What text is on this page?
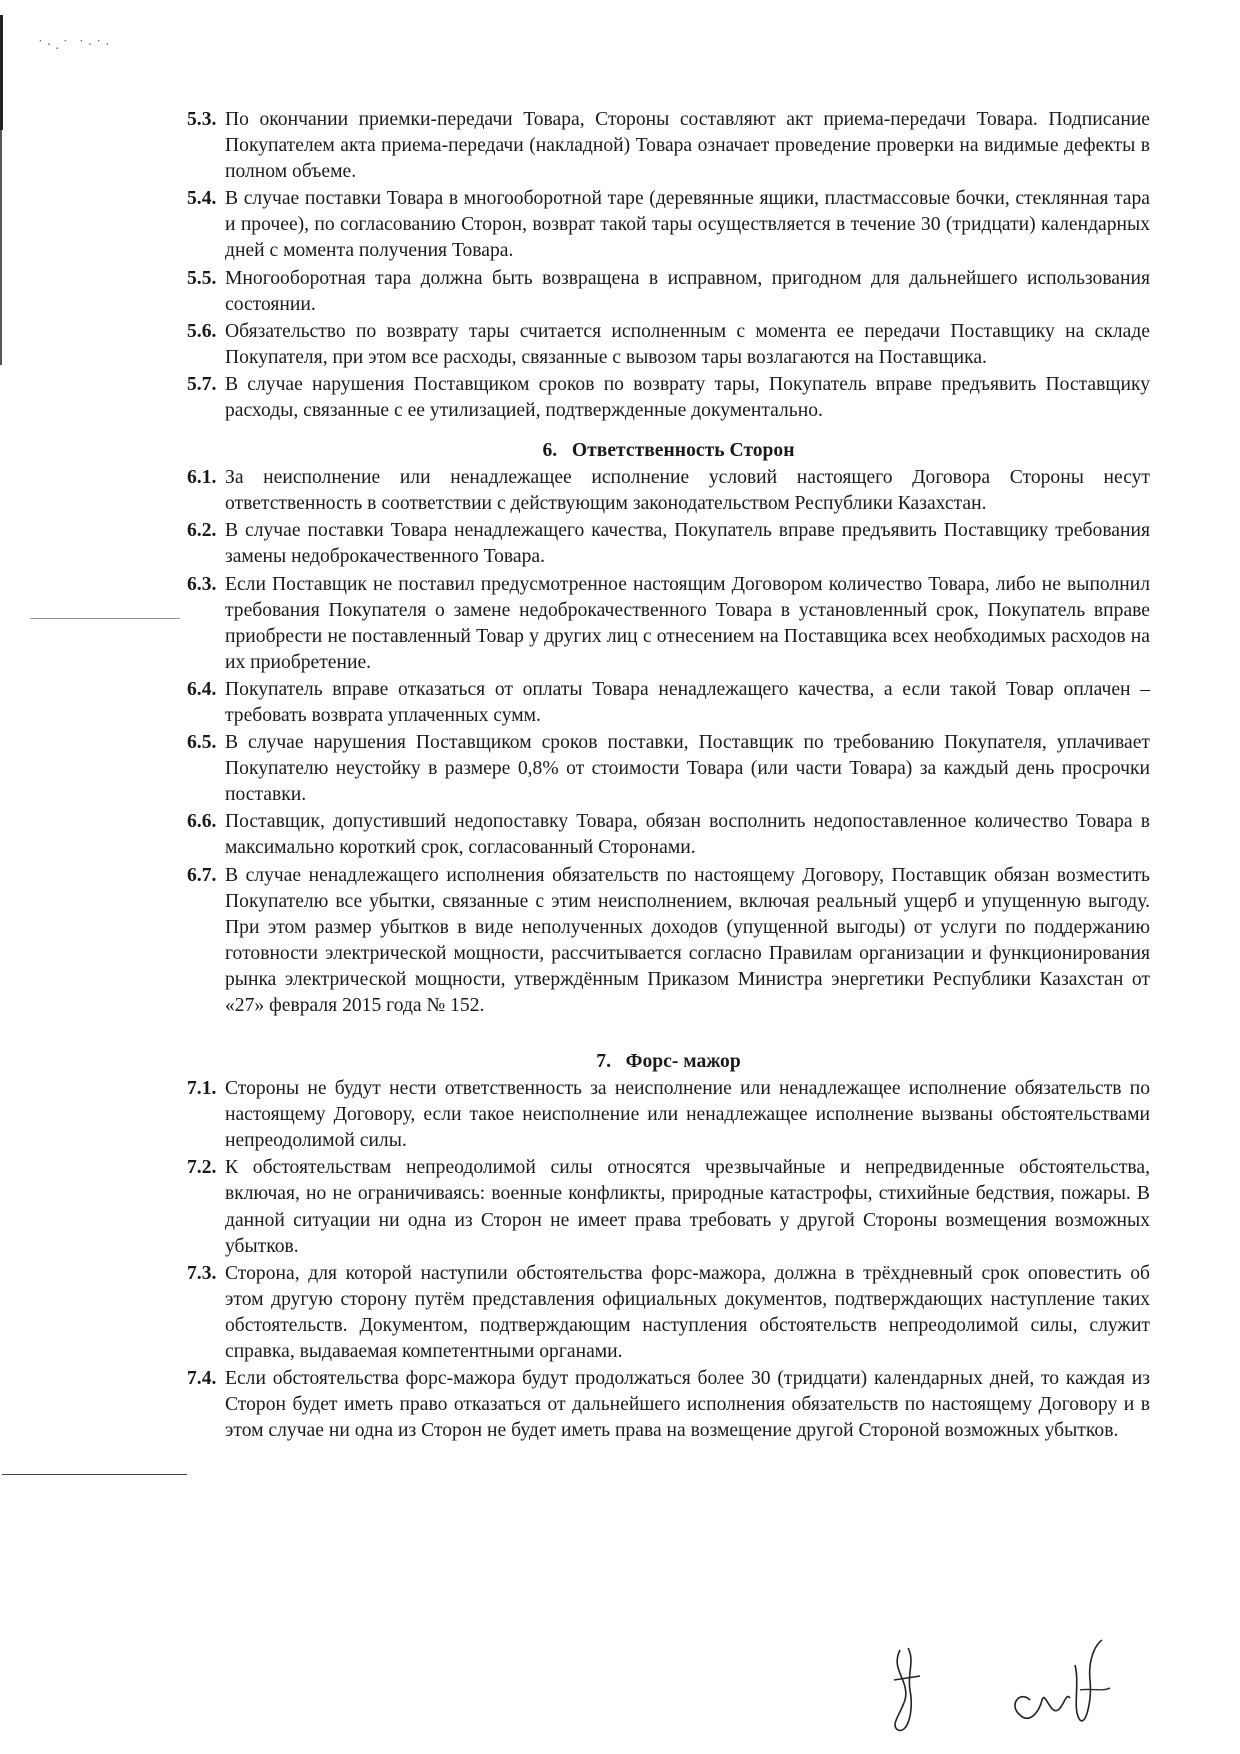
˙·.˙ ˙·˙·
5.3. По окончании приемки-передачи Товара, Стороны составляют акт приема-передачи Товара. Подписание Покупателем акта приема-передачи (накладной) Товара означает проведение проверки на видимые дефекты в полном объеме.
5.4. В случае поставки Товара в многооборотной таре (деревянные ящики, пластмассовые бочки, стеклянная тара и прочее), по согласованию Сторон, возврат такой тары осуществляется в течение 30 (тридцати) календарных дней с момента получения Товара.
5.5. Многооборотная тара должна быть возвращена в исправном, пригодном для дальнейшего использования состоянии.
5.6. Обязательство по возврату тары считается исполненным с момента ее передачи Поставщику на складе Покупателя, при этом все расходы, связанные с вывозом тары возлагаются на Поставщика.
5.7. В случае нарушения Поставщиком сроков по возврату тары, Покупатель вправе предъявить Поставщику расходы, связанные с ее утилизацией, подтвержденные документально.
6.   Ответственность Сторон
6.1. За неисполнение или ненадлежащее исполнение условий настоящего Договора Стороны несут ответственность в соответствии с действующим законодательством Республики Казахстан.
6.2. В случае поставки Товара ненадлежащего качества, Покупатель вправе предъявить Поставщику требования замены недоброкачественного Товара.
6.3. Если Поставщик не поставил предусмотренное настоящим Договором количество Товара, либо не выполнил требования Покупателя о замене недоброкачественного Товара в установленный срок, Покупатель вправе приобрести не поставленный Товар у других лиц с отнесением на Поставщика всех необходимых расходов на их приобретение.
6.4. Покупатель вправе отказаться от оплаты Товара ненадлежащего качества, а если такой Товар оплачен – требовать возврата уплаченных сумм.
6.5. В случае нарушения Поставщиком сроков поставки, Поставщик по требованию Покупателя, уплачивает Покупателю неустойку в размере 0,8% от стоимости Товара (или части Товара) за каждый день просрочки поставки.
6.6. Поставщик, допустивший недопоставку Товара, обязан восполнить недопоставленное количество Товара в максимально короткий срок, согласованный Сторонами.
6.7. В случае ненадлежащего исполнения обязательств по настоящему Договору, Поставщик обязан возместить Покупателю все убытки, связанные с этим неисполнением, включая реальный ущерб и упущенную выгоду. При этом размер убытков в виде неполученных доходов (упущенной выгоды) от услуги по поддержанию готовности электрической мощности, рассчитывается согласно Правилам организации и функционирования рынка электрической мощности, утверждённым Приказом Министра энергетики Республики Казахстан от «27» февраля 2015 года № 152.
7.   Форс- мажор
7.1. Стороны не будут нести ответственность за неисполнение или ненадлежащее исполнение обязательств по настоящему Договору, если такое неисполнение или ненадлежащее исполнение вызваны обстоятельствами непреодолимой силы.
7.2. К обстоятельствам непреодолимой силы относятся чрезвычайные и непредвиденные обстоятельства, включая, но не ограничиваясь: военные конфликты, природные катастрофы, стихийные бедствия, пожары. В данной ситуации ни одна из Сторон не имеет права требовать у другой Стороны возмещения возможных убытков.
7.3. Сторона, для которой наступили обстоятельства форс-мажора, должна в трёхдневный срок оповестить об этом другую сторону путём представления официальных документов, подтверждающих наступление таких обстоятельств. Документом, подтверждающим наступления обстоятельств непреодолимой силы, служит справка, выдаваемая компетентными органами.
7.4. Если обстоятельства форс-мажора будут продолжаться более 30 (тридцати) календарных дней, то каждая из Сторон будет иметь право отказаться от дальнейшего исполнения обязательств по настоящему Договору и в этом случае ни одна из Сторон не будет иметь права на возмещение другой Стороной возможных убытков.
